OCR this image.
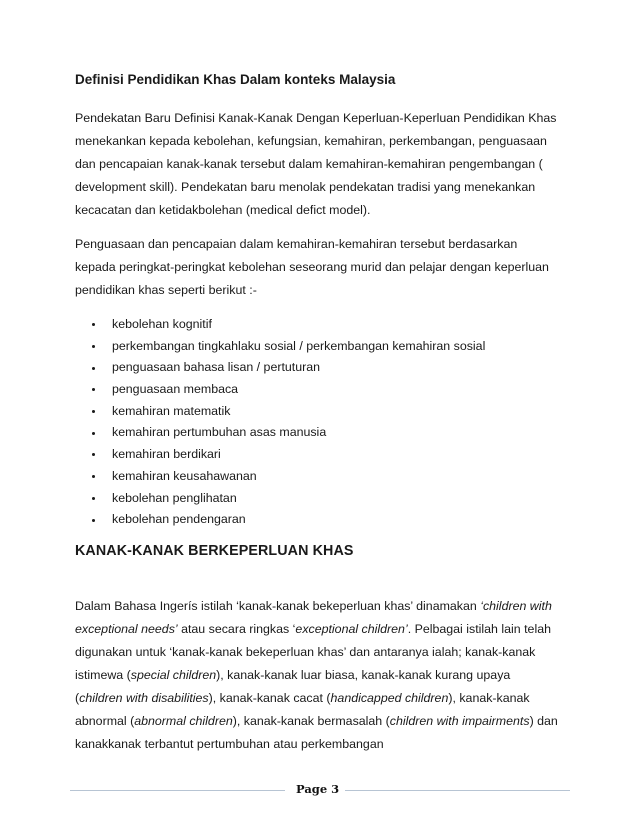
Definisi Pendidikan Khas Dalam konteks Malaysia

Pendekatan Baru Definisi Kanak-Kanak Dengan Keperluan-Keperluan Pendidikan Khas
menekankan kepada kebolehan, kefungsian, kemahiran, perkembangan, penguasaan
dan pencapaian kanak-kanak tersebut dalam kemahiran-kemahiran pengembangan (
development skill). Pendekatan baru menolak pendekatan tradisi yang menekankan
kecacatan dan ketidakbolehan (medical defict model).

Penguasaan dan pencapaian dalam kemahiran-kemahiran tersebut berdasarkan
kepada peringkat-peringkat kebolehan seseorang murid dan pelajar dengan keperluan
pendidikan khas seperti berikut :-

kebolehan kognitif
perkembangan tingkahlaku sosial / perkembangan kemahiran sosial
penguasaan bahasa lisan / pertuturan
penguasaan membaca
kemahiran matematik
kemahiran pertumbuhan asas manusia
kemahiran berdikari
kemahiran keusahawanan
kebolehan penglihatan
kebolehan pendengaran
KANAK-KANAK BERKEPERLUAN KHAS

Dalam Bahasa Ingerís istilah ‘kanak-kanak bekeperluan khas’ dinamakan ‘children with
exceptional needs’ atau secara ringkas ‘exceptional children’. Pelbagai istilah lain telah
digunakan untuk ‘kanak-kanak bekeperluan khas’ dan antaranya ialah; kanak-kanak
istimewa (special children), kanak-kanak luar biasa, kanak-kanak kurang upaya
(children with disabilities), kanak-kanak cacat (handicapped children), kanak-kanak
abnormal (abnormal children), kanak-kanak bermasalah (children with impairments) dan
kanakkanak terbantut pertumbuhan atau perkembangan

Page 3
